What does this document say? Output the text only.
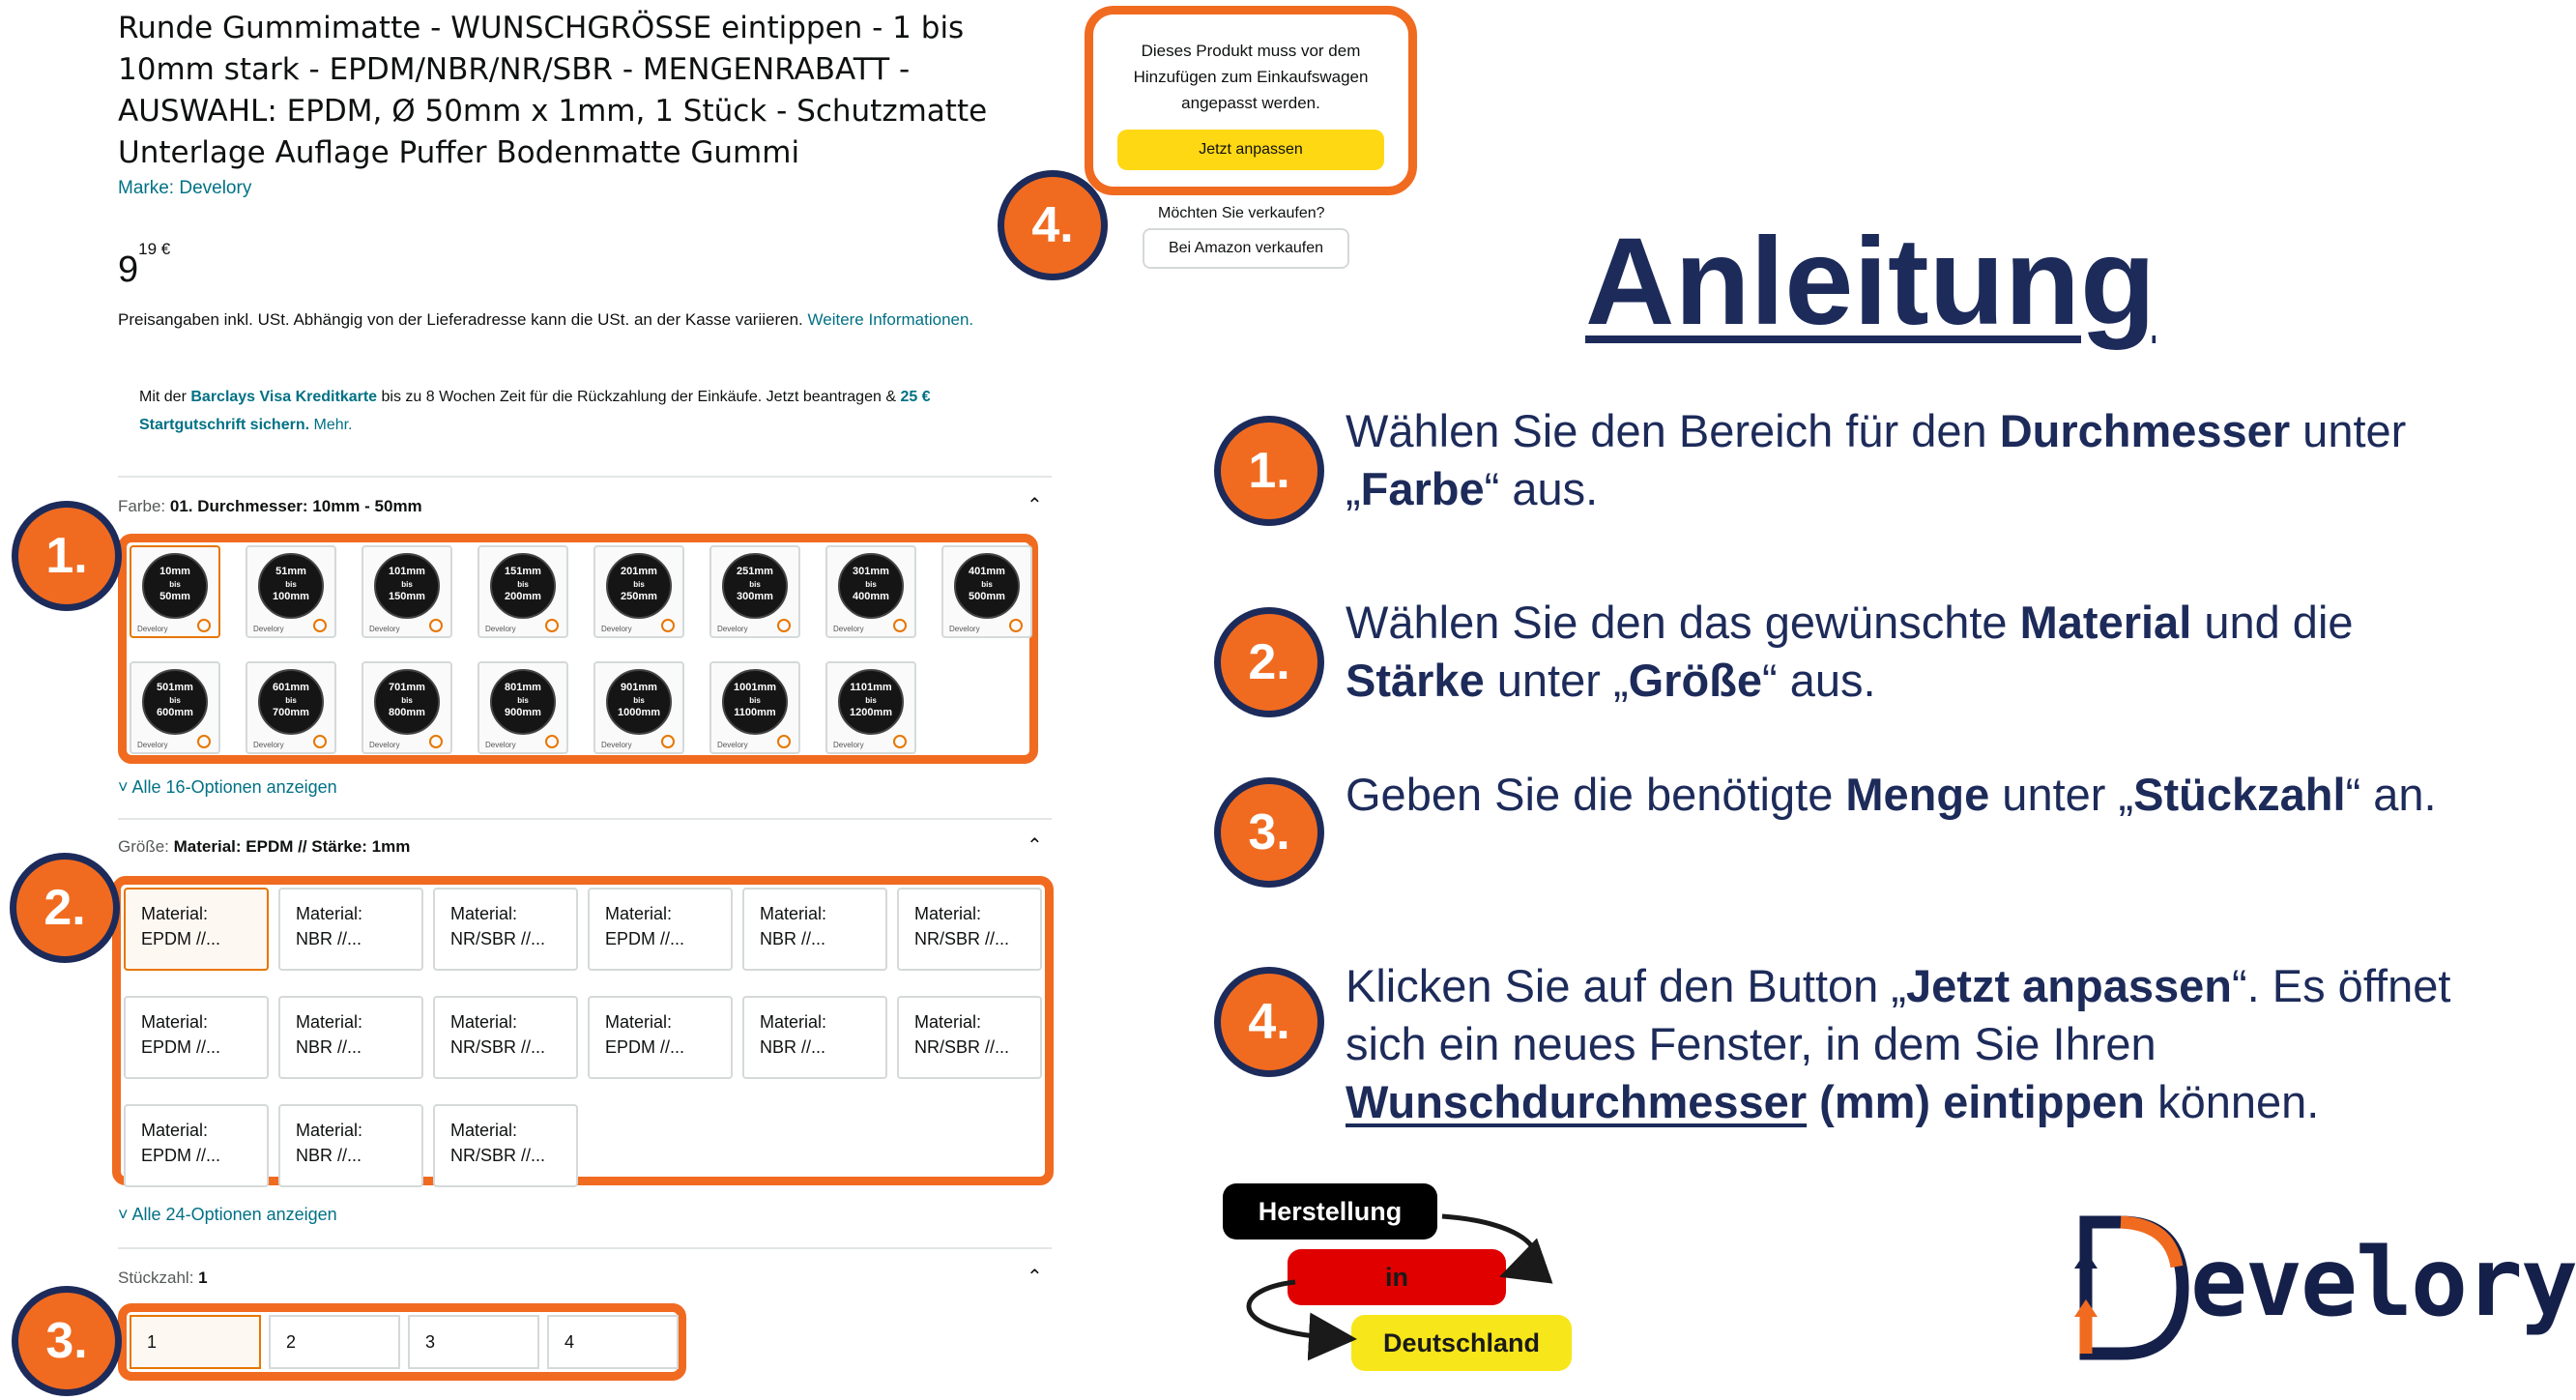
Runde Gummimatte - WUNSCHGRÖSSE eintippen - 1 bis 10mm stark - EPDM/NBR/NR/SBR - MENGENRABATT - AUSWAHL: EPDM, Ø 50mm x 1mm, 1 Stück - Schutzmatte Unterlage Auflage Puffer Bodenmatte Gummi
Marke: Develory
$9^{19 €}$
Preisangaben inkl. USt. Abhängig von der Lieferadresse kann die USt. an der Kasse variieren. Weitere Informationen.
Mit der Barclays Visa Kreditkarte bis zu 8 Wochen Zeit für die Rückzahlung der Einkäufe. Jetzt beantragen & 25 € Startgutschrift sichern. Mehr.
Farbe: 01. Durchmesser: 10mm - 50mm	⌃
10mm
bis
50mm
Develory
51mm
bis
100mm
Develory
101mm
bis
150mm
Develory
151mm
bis
200mm
Develory
201mm
bis
250mm
Develory
251mm
bis
300mm
Develory
301mm
bis
400mm
Develory
401mm
bis
500mm
Develory
501mm
bis
600mm
Develory
601mm
bis
700mm
Develory
701mm
bis
800mm
Develory
801mm
bis
900mm
Develory
901mm
bis
1000mm
Develory
1001mm
bis
1100mm
Develory
1101mm
bis
1200mm
Develory
˅ Alle 16-Optionen anzeigen
Größe: Material: EPDM // Stärke: 1mm	⌃
Material:
EPDM //...
Material:
NBR //...
Material:
NR/SBR //...
Material:
EPDM //...
Material:
NBR //...
Material:
NR/SBR //...
Material:
EPDM //...
Material:
NBR //...
Material:
NR/SBR //...
Material:
EPDM //...
Material:
NBR //...
Material:
NR/SBR //...
Material:
EPDM //...
Material:
NBR //...
Material:
NR/SBR //...
˅ Alle 24-Optionen anzeigen
Stückzahl: 1	⌃
1	2	3	4
Dieses Produkt muss vor dem Hinzufügen zum Einkaufswagen angepasst werden.
Jetzt anpassen
Möchten Sie verkaufen?
Bei Amazon verkaufen
1.
2.
3.
4.	Anleitung
1.
Wählen Sie den Bereich für den Durchmesser unter „Farbe“ aus.
2.
Wählen Sie den das gewünschte Material und die Stärke unter „Größe“ aus.
3.
Geben Sie die benötigte Menge unter „Stückzahl“ an.
4.
Klicken Sie auf den Button „Jetzt anpassen“. Es öffnet sich ein neues Fenster, in dem Sie Ihren Wunschdurchmesser (mm) eintippen können.
Herstellung
in
Deutschland
evelory
